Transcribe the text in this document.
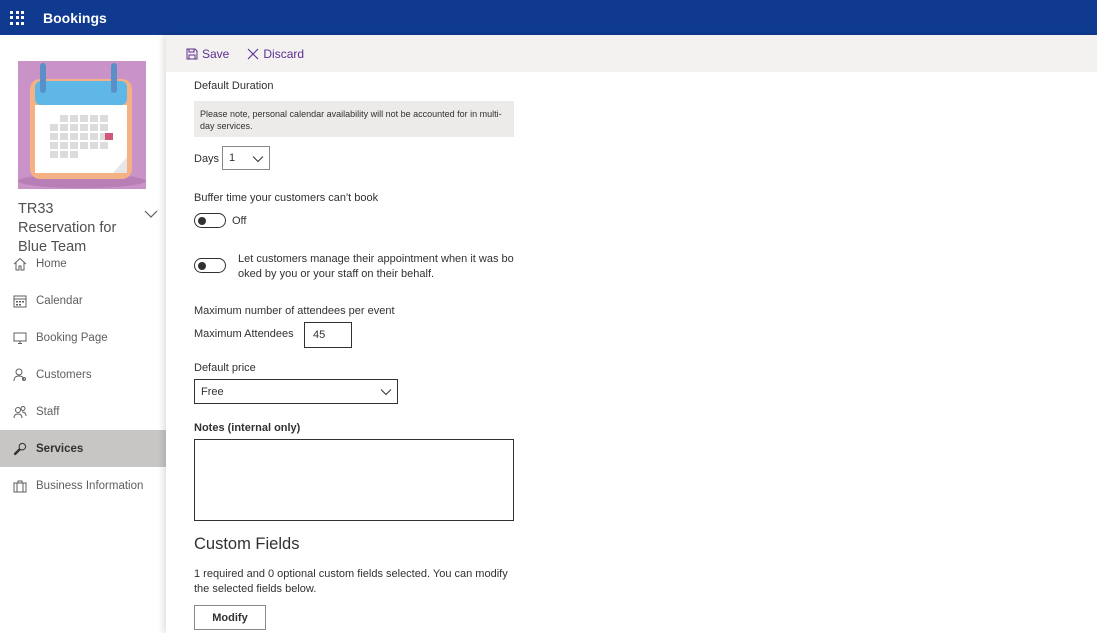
Bookings
TR33 Reservation for Blue Team
Home
Calendar
Booking Page
Customers
Staff
Services
Business Information
Save	Discard
Default Duration
Please note, personal calendar availability will not be accounted for in multi-day services.
Days 1
Buffer time your customers can't book
Off
Let customers manage their appointment when it was booked by you or your staff on their behalf.
Maximum number of attendees per event
Maximum Attendees	45
Default price
Free
Notes (internal only)
Custom Fields
1 required and 0 optional custom fields selected. You can modify the selected fields below.
Modify
